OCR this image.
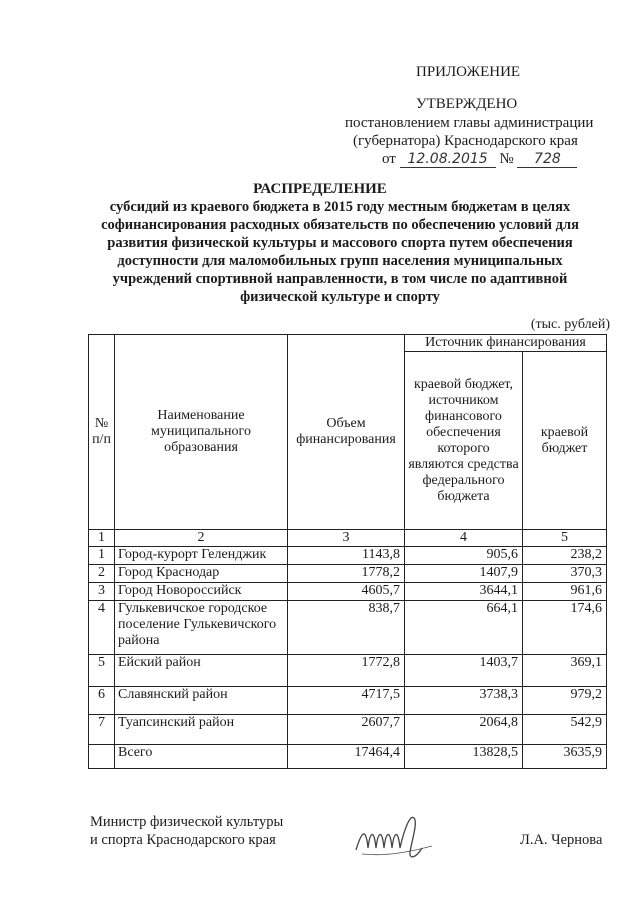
ПРИЛОЖЕНИЕ
УТВЕРЖДЕНО
постановлением главы администрации
(губернатора) Краснодарского края
от 12.08.2015 № 728
РАСПРЕДЕЛЕНИЕ
субсидий из краевого бюджета в 2015 году местным бюджетам в целях
софинансирования расходных обязательств по обеспечению условий для
развития физической культуры и массового спорта путем обеспечения
доступности для маломобильных групп населения муниципальных
учреждений спортивной направленности, в том числе по адаптивной
физической культуре и спорту
(тыс. рублей)
№ п/п	Наименование муниципального образования	Объем финансирования	Источник финансирования	
			краевой бюджет, источником финансового обеспечения которого являются средства федерального бюджета	краевой бюджет
1	2	3	4	5
1	Город-курорт Геленджик	1143,8	905,6	238,2
2	Город Краснодар	1778,2	1407,9	370,3
3	Город Новороссийск	4605,7	3644,1	961,6
4	Гулькевичское городское поселение Гулькевичского района	838,7	664,1	174,6
5	Ейский район	1772,8	1403,7	369,1
6	Славянский район	4717,5	3738,3	979,2
7	Туапсинский район	2607,7	2064,8	542,9
	Всего	17464,4	13828,5	3635,9
Министр физической культуры
и спорта Краснодарского края	Л.А. Чернова
